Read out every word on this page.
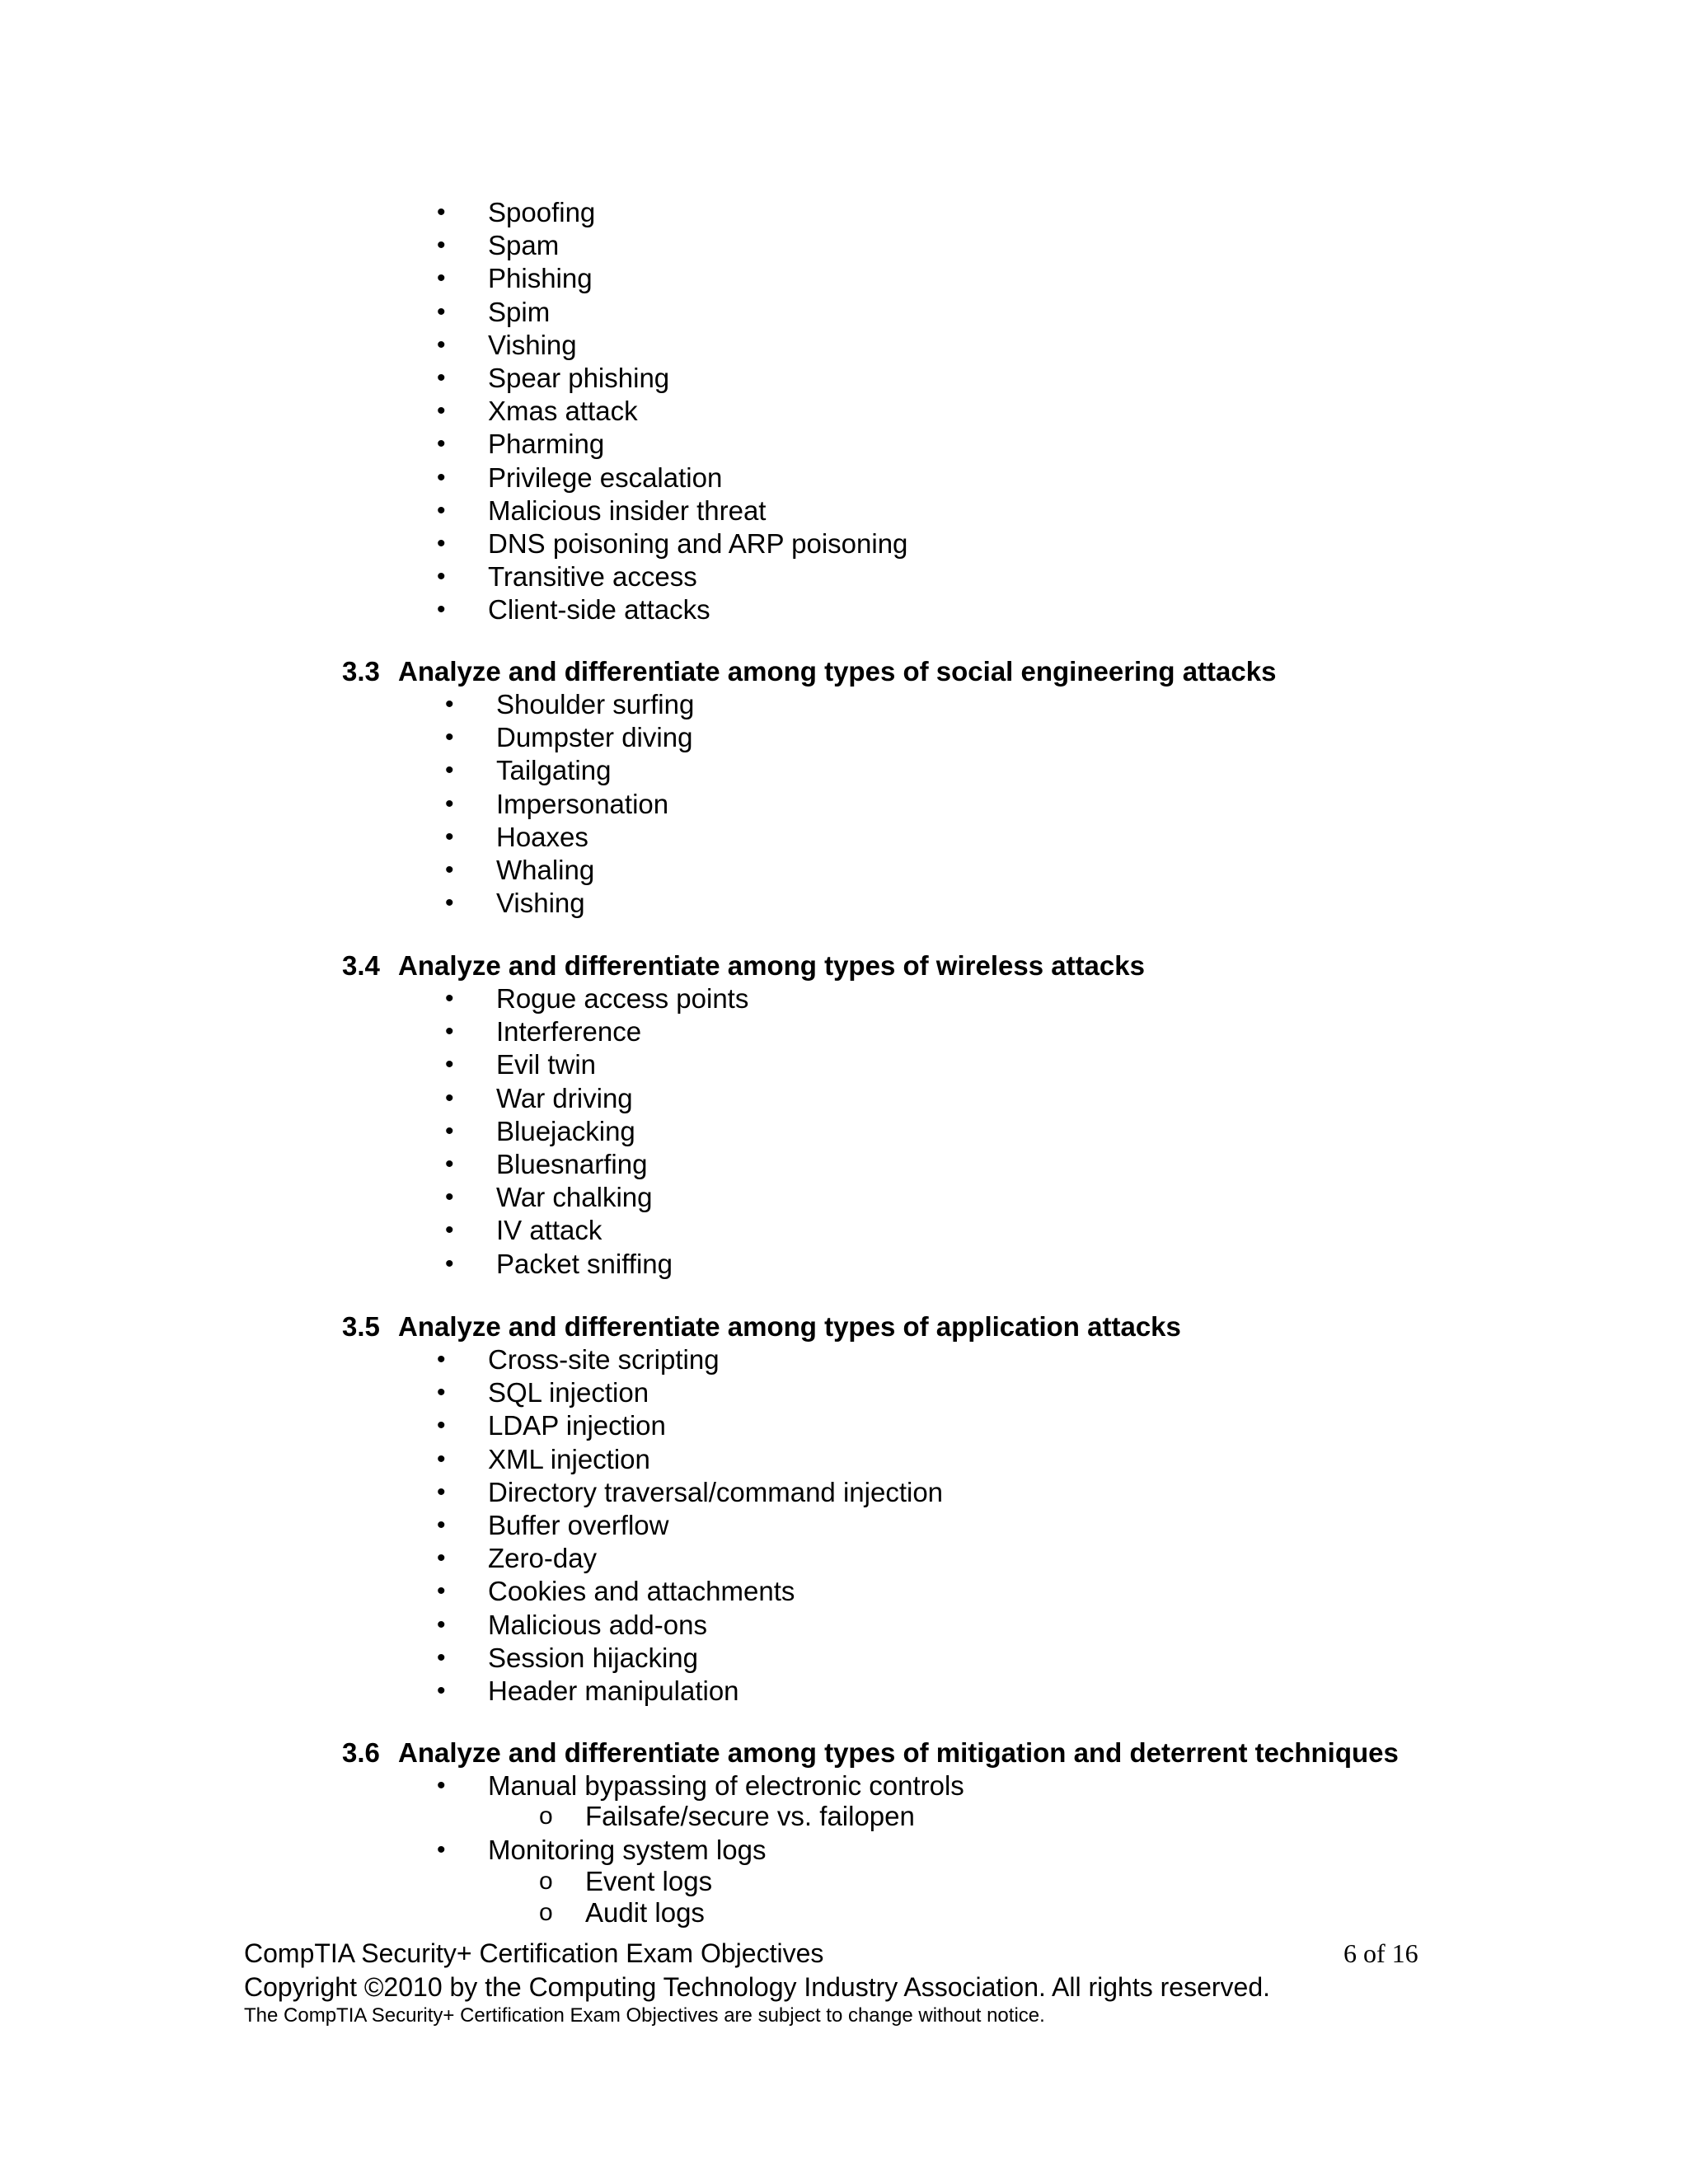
• Spoofing
• Spam
• Phishing
• Spim
• Vishing
• Spear phishing
• Xmas attack
• Pharming
• Privilege escalation
• Malicious insider threat
• DNS poisoning and ARP poisoning
• Transitive access
• Client-side attacks
3.3 Analyze and differentiate among types of social engineering attacks
• Shoulder surfing
• Dumpster diving
• Tailgating
• Impersonation
• Hoaxes
• Whaling
• Vishing
3.4 Analyze and differentiate among types of wireless attacks
• Rogue access points
• Interference
• Evil twin
• War driving
• Bluejacking
• Bluesnarfing
• War chalking
• IV attack
• Packet sniffing
3.5 Analyze and differentiate among types of application attacks
• Cross-site scripting
• SQL injection
• LDAP injection
• XML injection
• Directory traversal/command injection
• Buffer overflow
• Zero-day
• Cookies and attachments
• Malicious add-ons
• Session hijacking
• Header manipulation
3.6 Analyze and differentiate among types of mitigation and deterrent techniques
• Manual bypassing of electronic controls
o Failsafe/secure vs. failopen
• Monitoring system logs
o Event logs
o Audit logs
CompTIA Security+ Certification Exam Objectives	6 of 16
Copyright ©2010 by the Computing Technology Industry Association. All rights reserved.
The CompTIA Security+ Certification Exam Objectives are subject to change without notice.
